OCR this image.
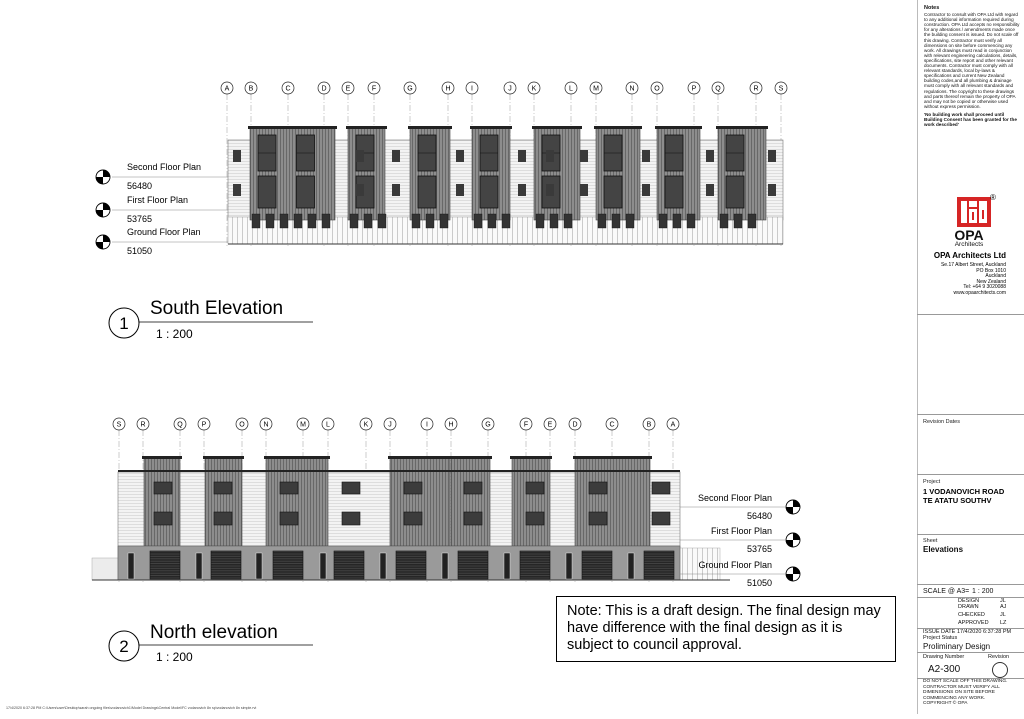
A	B	C	D	E	F	G	H	I	J	K	L	M	N	O	P	Q	R	S
Second Floor Plan
56480
First Floor Plan
53765
Ground Floor Plan
51050
1
South Elevation
1 : 200
S	R	Q	P	O	N	M	L	K	J	I	H	G	F	E	D	C	B	A
Second Floor Plan
56480
First Floor Plan
53765
Ground Floor Plan
51050
2
North elevation
1 : 200
17/4/2020 6:37:28 PM C:\Users\user\Desktop\sarah ongoing files\vodanovich1\Model Drawings\Central Model\FC vodanovich 8n sp\vodanovich 8n simple.rvt
Note: This is a draft design. The final design may have difference with the final design as it is subject to council approval.
Notes
Contractor to consult with OPA Ltd with regard to any additional information required during construction. OPA Ltd accepts no responsibility for any alterations / amendments made once the building consent is issued. Do not scale off this drawing. Contractor must verify all dimensions on site before commencing any work. All drawings must read in conjunction with relevant engineering calculations, details, specifications, site report and other relevant documents. Contractor must comply with all relevant standards, local by-laws & specifications and current New Zealand building codes,and all plumbing & drainage must comply with all relevant standards and regulations. The copyright to these drawings and parts thereof remain the property of OPA and may not be copied or otherwise used without express permission.
'No building work shall proceed until Building Consent has been granted for the work described'
®
OPA
Architects
OPA Architects Ltd
Se.17 Albert Street, Auckland
PO Box 1010
Auckland
New Zealand
Tel: +64 9 3020088
www.opaarchitects.com
Revision Dates
Project
1 VODANOVICH ROAD TE ATATU SOUTHV
Sheet
Elevations
SCALE @ A3= 1 : 200
DESIGN	JL
DRAWN	AJ
CHECKED	JL
APPROVED LZ
ISSUE DATE 17/4/2020 6:37:28 PM
Project Status
Proliminary Design
Drawing Number	Revision
A2-300
DO NOT SCALE OFF THIS DRAWING.
CONTRACTOR MUST VERIFY ALL
DIMENSIONS ON SITE BEFORE
COMMENCING ANY WORK.
COPYRIGHT © OPA
